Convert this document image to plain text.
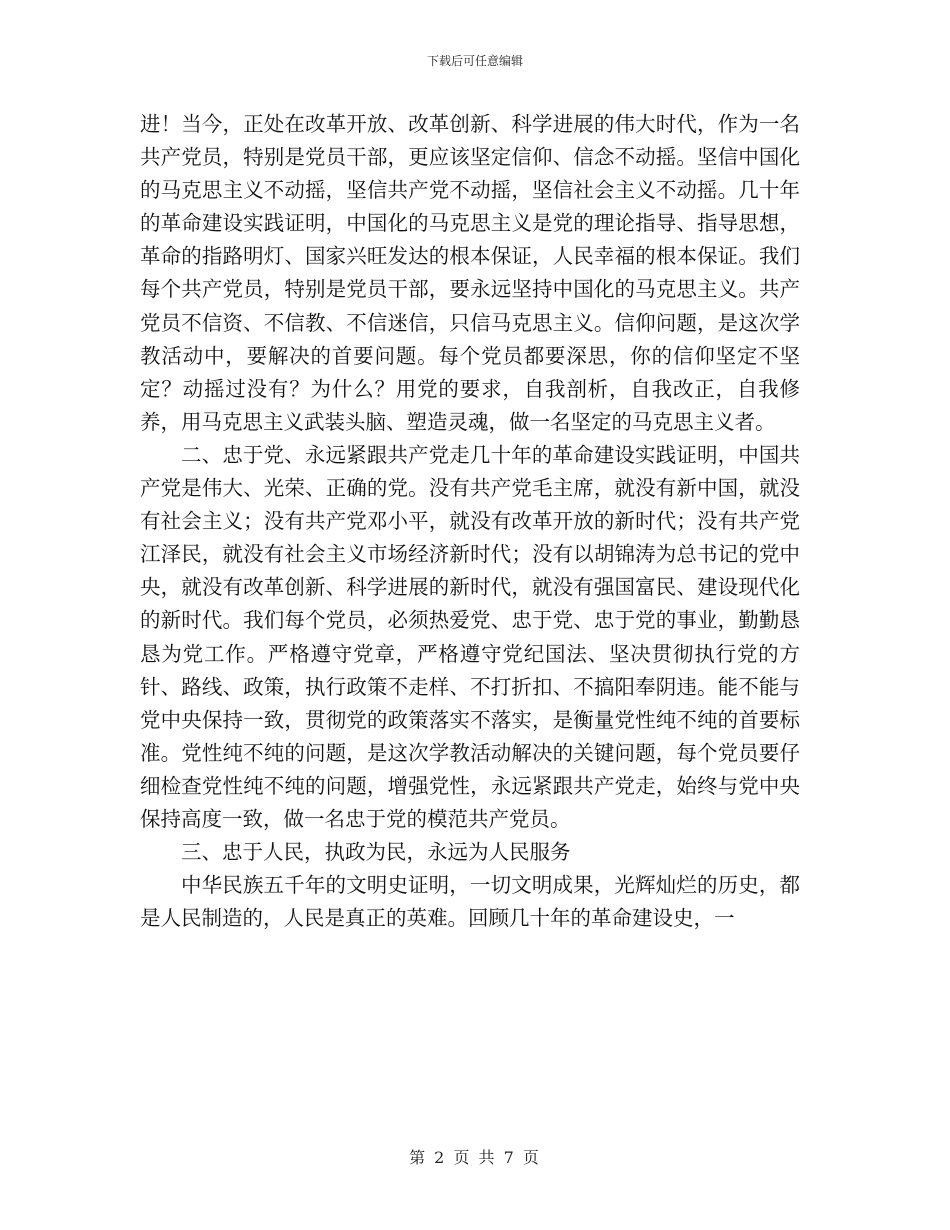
下载后可任意编辑

进！当今，正处在改革开放、改革创新、科学进展的伟大时代，作为一名共产党员，特别是党员干部，更应该坚定信仰、信念不动摇。坚信中国化的马克思主义不动摇，坚信共产党不动摇，坚信社会主义不动摇。几十年的革命建设实践证明，中国化的马克思主义是党的理论指导、指导思想，革命的指路明灯、国家兴旺发达的根本保证，人民幸福的根本保证。我们每个共产党员，特别是党员干部，要永远坚持中国化的马克思主义。共产党员不信资、不信教、不信迷信，只信马克思主义。信仰问题，是这次学教活动中，要解决的首要问题。每个党员都要深思，你的信仰坚定不坚定？动摇过没有？为什么？用党的要求，自我剖析，自我改正，自我修养，用马克思主义武装头脑、塑造灵魂，做一名坚定的马克思主义者。

二、忠于党、永远紧跟共产党走几十年的革命建设实践证明，中国共产党是伟大、光荣、正确的党。没有共产党毛主席，就没有新中国，就没有社会主义；没有共产党邓小平，就没有改革开放的新时代；没有共产党江泽民，就没有社会主义市场经济新时代；没有以胡锦涛为总书记的党中央，就没有改革创新、科学进展的新时代，就没有强国富民、建设现代化的新时代。我们每个党员，必须热爱党、忠于党、忠于党的事业，勤勤恳恳为党工作。严格遵守党章，严格遵守党纪国法、坚决贯彻执行党的方针、路线、政策，执行政策不走样、不打折扣、不搞阳奉阴违。能不能与党中央保持一致，贯彻党的政策落实不落实，是衡量党性纯不纯的首要标准。党性纯不纯的问题，是这次学教活动解决的关键问题，每个党员要仔细检查党性纯不纯的问题，增强党性，永远紧跟共产党走，始终与党中央保持高度一致，做一名忠于党的模范共产党员。

三、忠于人民，执政为民，永远为人民服务

中华民族五千年的文明史证明，一切文明成果，光辉灿烂的历史，都是人民制造的，人民是真正的英难。回顾几十年的革命建设史，一

第 2 页 共 7 页
